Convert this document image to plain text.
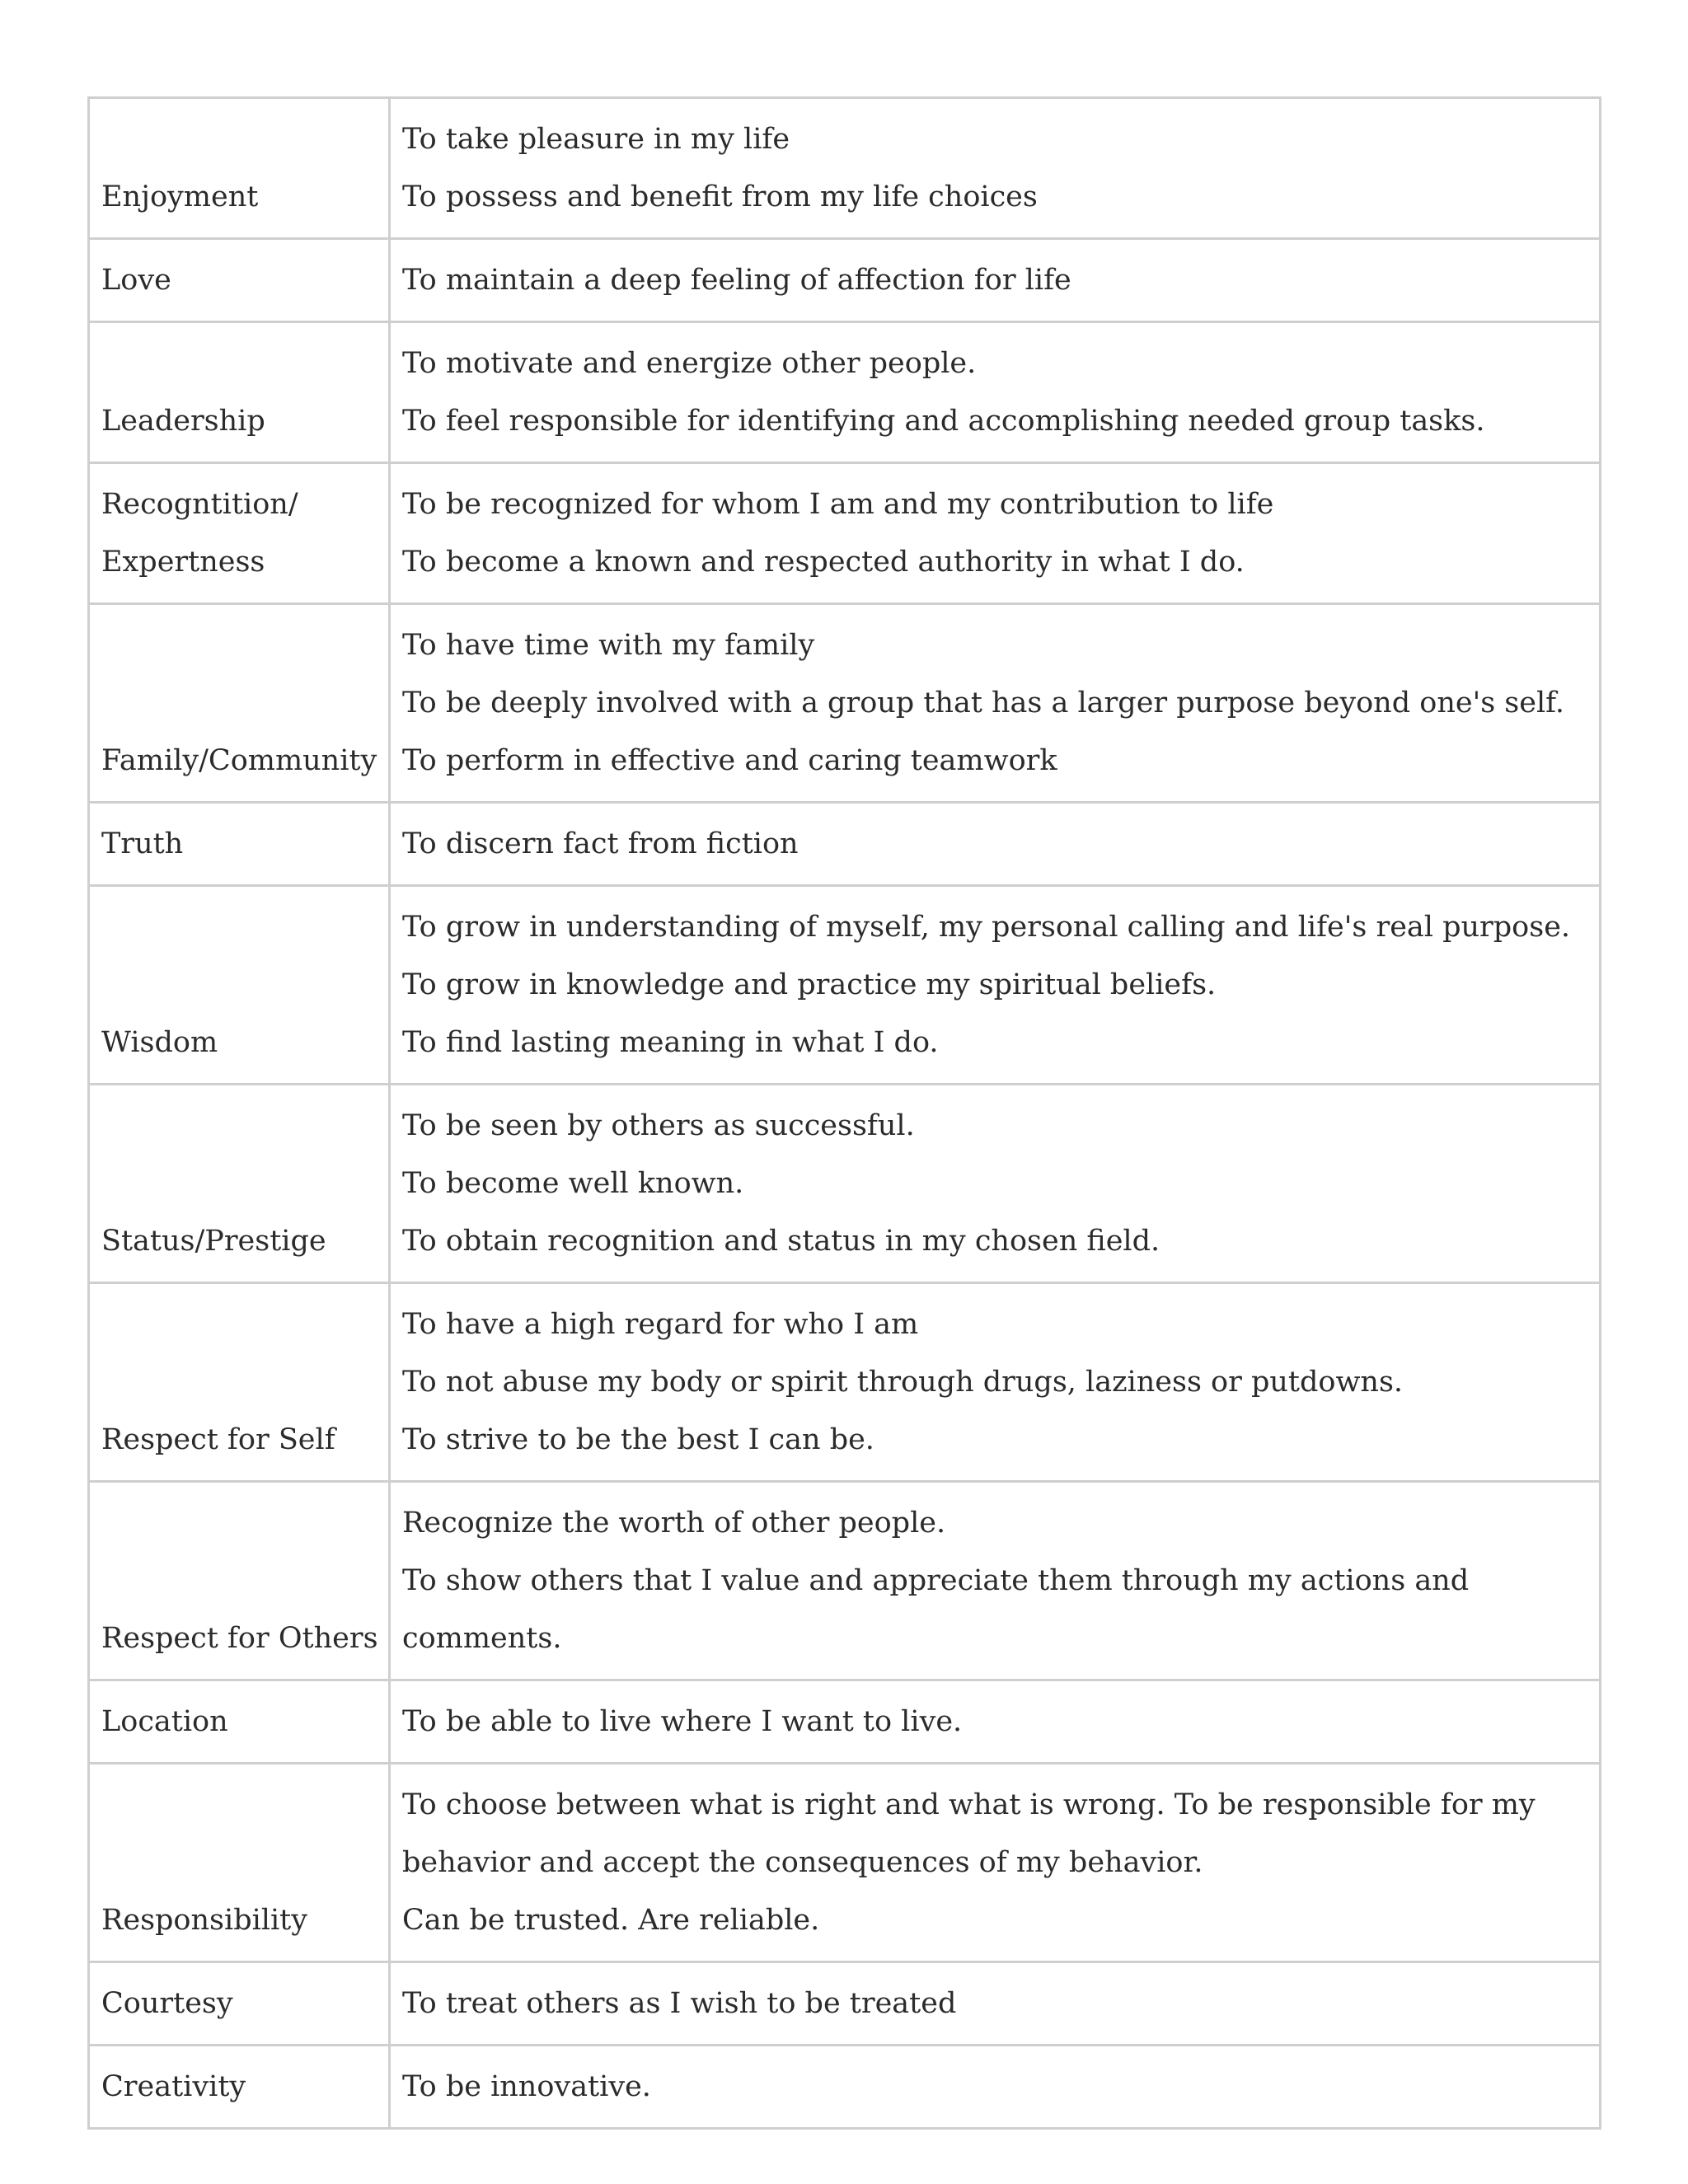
Enjoyment	To take pleasure in my life
To possess and benefit from my life choices

Love	To maintain a deep feeling of affection for life

Leadership	To motivate and energize other people.
To feel responsible for identifying and accomplishing needed group tasks.

Recogntition/
Expertness	To be recognized for whom I am and my contribution to life
To become a known and respected authority in what I do.

Family/Community	To have time with my family
To be deeply involved with a group that has a larger purpose beyond one's self.
To perform in effective and caring teamwork

Truth	To discern fact from fiction

Wisdom	To grow in understanding of myself, my personal calling and life's real purpose.
To grow in knowledge and practice my spiritual beliefs.
To find lasting meaning in what I do.

Status/Prestige	To be seen by others as successful.
To become well known.
To obtain recognition and status in my chosen field.

Respect for Self	To have a high regard for who I am
To not abuse my body or spirit through drugs, laziness or putdowns.
To strive to be the best I can be.

Respect for Others	Recognize the worth of other people.
To show others that I value and appreciate them through my actions and comments.

Location	To be able to live where I want to live.

Responsibility	To choose between what is right and what is wrong. To be responsible for my
behavior and accept the consequences of my behavior.
Can be trusted. Are reliable.

Courtesy	To treat others as I wish to be treated

Creativity	To be innovative.
